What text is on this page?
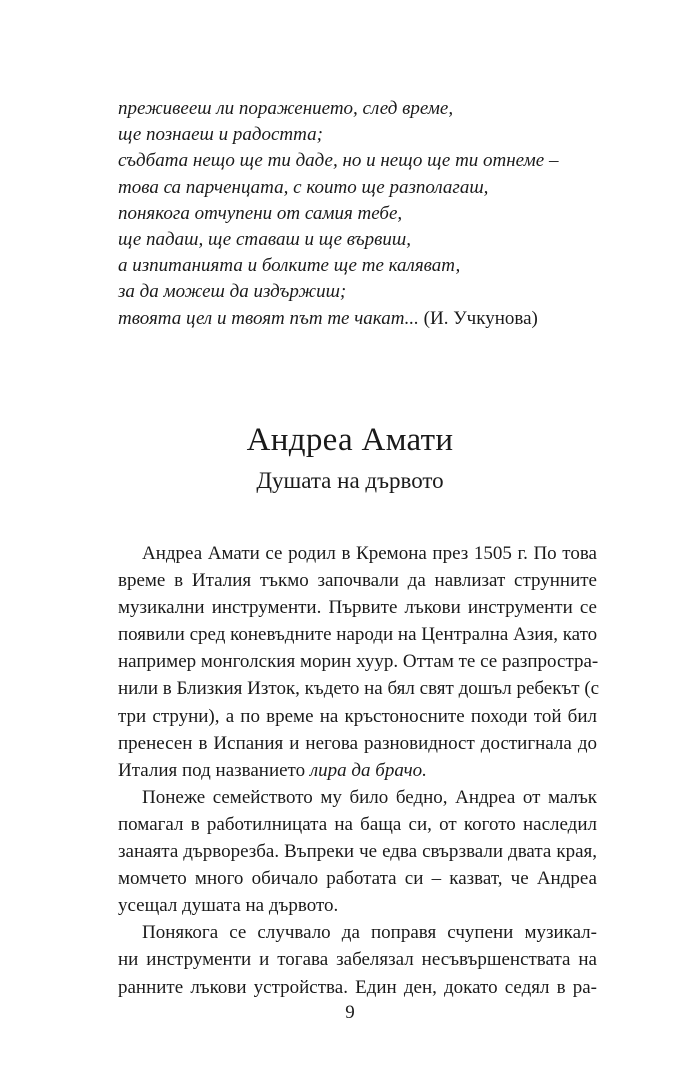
преживееш ли поражението, след време,
ще познаеш и радостта;
съдбата нещо ще ти даде, но и нещо ще ти отнеме –
това са парченцата, с които ще разполагаш,
понякога отчупени от самия тебе,
ще падаш, ще ставаш и ще вървиш,
а изпитанията и болките ще те каляват,
за да можеш да издържиш;
твоята цел и твоят път те чакат... (И. Учкунова)
Андреа Амати
Душата на дървото
Андреа Амати се родил в Кремона през 1505 г. По това
време в Италия тъкмо започвали да навлизат струнните
музикални инструменти. Първите лъкови инструменти се
появили сред коневъдните народи на Централна Азия, като
например монголския морин хуур. Оттам те се разпростра-
нили в Близкия Изток, където на бял свят дошъл ребекът (с
три струни), а по време на кръстоносните походи той бил
пренесен в Испания и негова разновидност достигнала до
Италия под названието лира да брачо.
Понеже семейството му било бедно, Андреа от малък
помагал в работилницата на баща си, от когото наследил
занаята дърворезба. Въпреки че едва свързвали двата края,
момчето много обичало работата си – казват, че Андреа
усещал душата на дървото.
Понякога се случвало да поправя счупени музикал-
ни инструменти и тогава забелязал несъвършенствата на
ранните лъкови устройства. Един ден, докато седял в ра-
9
